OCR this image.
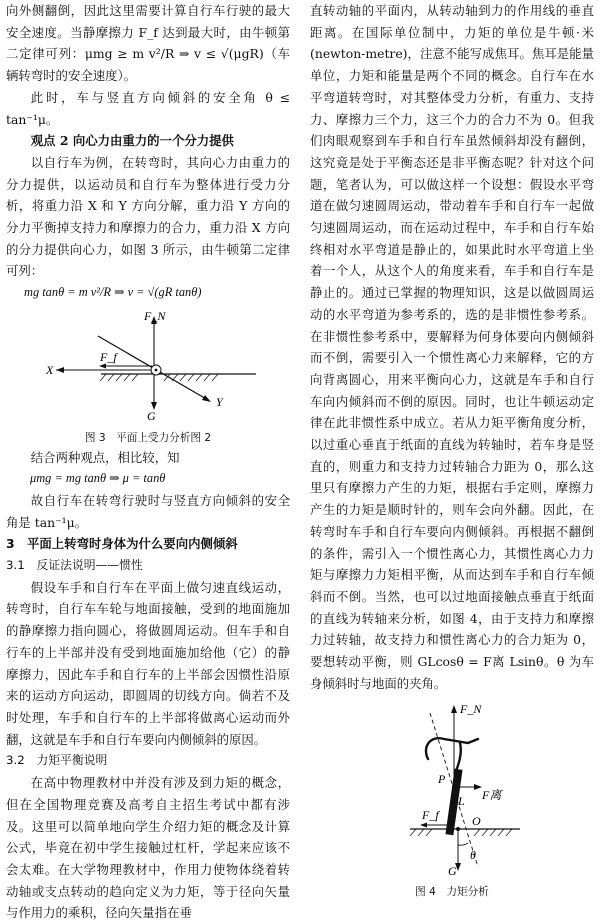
向外侧翻倒，因此这里需要计算自行车行驶的最大安全速度。当静摩擦力 F_f 达到最大时，由牛顿第二定律可列：μmg ≥ m v²/R ⇒ v ≤ √(μgR)（车辆转弯时的安全速度）。

此时，车与竖直方向倾斜的安全角 θ ≤ tan⁻¹μ。

观点 2 向心力由重力的一个分力提供

以自行车为例，在转弯时，其向心力由重力的分力提供，以运动员和自行车为整体进行受力分析，将重力沿 X 和 Y 方向分解，重力沿 Y 方向的分力平衡掉支持力和摩擦力的合力，重力沿 X 方向的分力提供向心力，如图 3 所示，由牛顿第二定律可列：

mg tanθ = m v²/R ⇒ v = √(gR tanθ)

F_N
X
F_f
Y
G

图 3　平面上受力分析图 2

结合两种观点，相比较，知

μmg = mg tanθ ⇒ μ = tanθ

故自行车在转弯行驶时与竖直方向倾斜的安全角是 tan⁻¹μ。

3　平面上转弯时身体为什么要向内侧倾斜

3.1　反证法说明——惯性

假设车手和自行车在平面上做匀速直线运动，转弯时，自行车车轮与地面接触，受到的地面施加的静摩擦力指向圆心，将做圆周运动。但车手和自行车的上半部并没有受到地面施加给他（它）的静摩擦力，因此车手和自行车的上半部会因惯性沿原来的运动方向运动，即圆周的切线方向。倘若不及时处理，车手和自行车的上半部将做离心运动而外翻，这就是车手和自行车要向内侧倾斜的原因。

3.2　力矩平衡说明

在高中物理教材中并没有涉及到力矩的概念，但在全国物理竞赛及高考自主招生考试中都有涉及。这里可以简单地向学生介绍力矩的概念及计算公式，毕竟在初中学生接触过杠杆，学起来应该不会太难。在大学物理教材中，作用力使物体绕着转动轴或支点转动的趋向定义为力矩，等于径向矢量与作用力的乘积，径向矢量指在垂

直转动轴的平面内，从转动轴到力的作用线的垂直距离。在国际单位制中，力矩的单位是牛顿·米(newton-metre)，注意不能写成焦耳。焦耳是能量单位，力矩和能量是两个不同的概念。自行车在水平弯道转弯时，对其整体受力分析，有重力、支持力、摩擦力三个力，这三个力的合力不为 0。但我们肉眼观察到车手和自行车虽然倾斜却没有翻倒，这究竟是处于平衡态还是非平衡态呢？针对这个问题，笔者认为，可以做这样一个设想：假设水平弯道在做匀速圆周运动，带动着车手和自行车一起做匀速圆周运动，而在运动过程中，车手和自行车始终相对水平弯道是静止的，如果此时水平弯道上坐着一个人，从这个人的角度来看，车手和自行车是静止的。通过已掌握的物理知识，这是以做圆周运动的水平弯道为参考系的，选的是非惯性参考系。在非惯性参考系中，要解释为何身体要向内侧倾斜而不倒，需要引入一个惯性离心力来解释，它的方向背离圆心，用来平衡向心力，这就是车手和自行车向内倾斜而不倒的原因。同时，也让牛顿运动定律在此非惯性系中成立。若从力矩平衡角度分析，以过重心垂直于纸面的直线为转轴时，若车身是竖直的，则重力和支持力过转轴合力距为 0，那么这里只有摩擦力产生的力矩，根据右手定则，摩擦力产生的力矩是顺时针的，则车会向外翻。因此，在转弯时车手和自行车要向内侧倾斜。再根据不翻倒的条件，需引入一个惯性离心力，其惯性离心力力矩与摩擦力力矩相平衡，从而达到车手和自行车倾斜而不倒。当然，也可以过地面接触点垂直于纸面的直线为转轴来分析，如图 4，由于支持力和摩擦力过转轴，故支持力和惯性离心力的合力矩为 0，要想转动平衡，则 GLcosθ = F离 Lsinθ。θ 为车身倾斜时与地面的夹角。

F_N
P
L F离
F_f	O
θ
G

图 4　力矩分析
